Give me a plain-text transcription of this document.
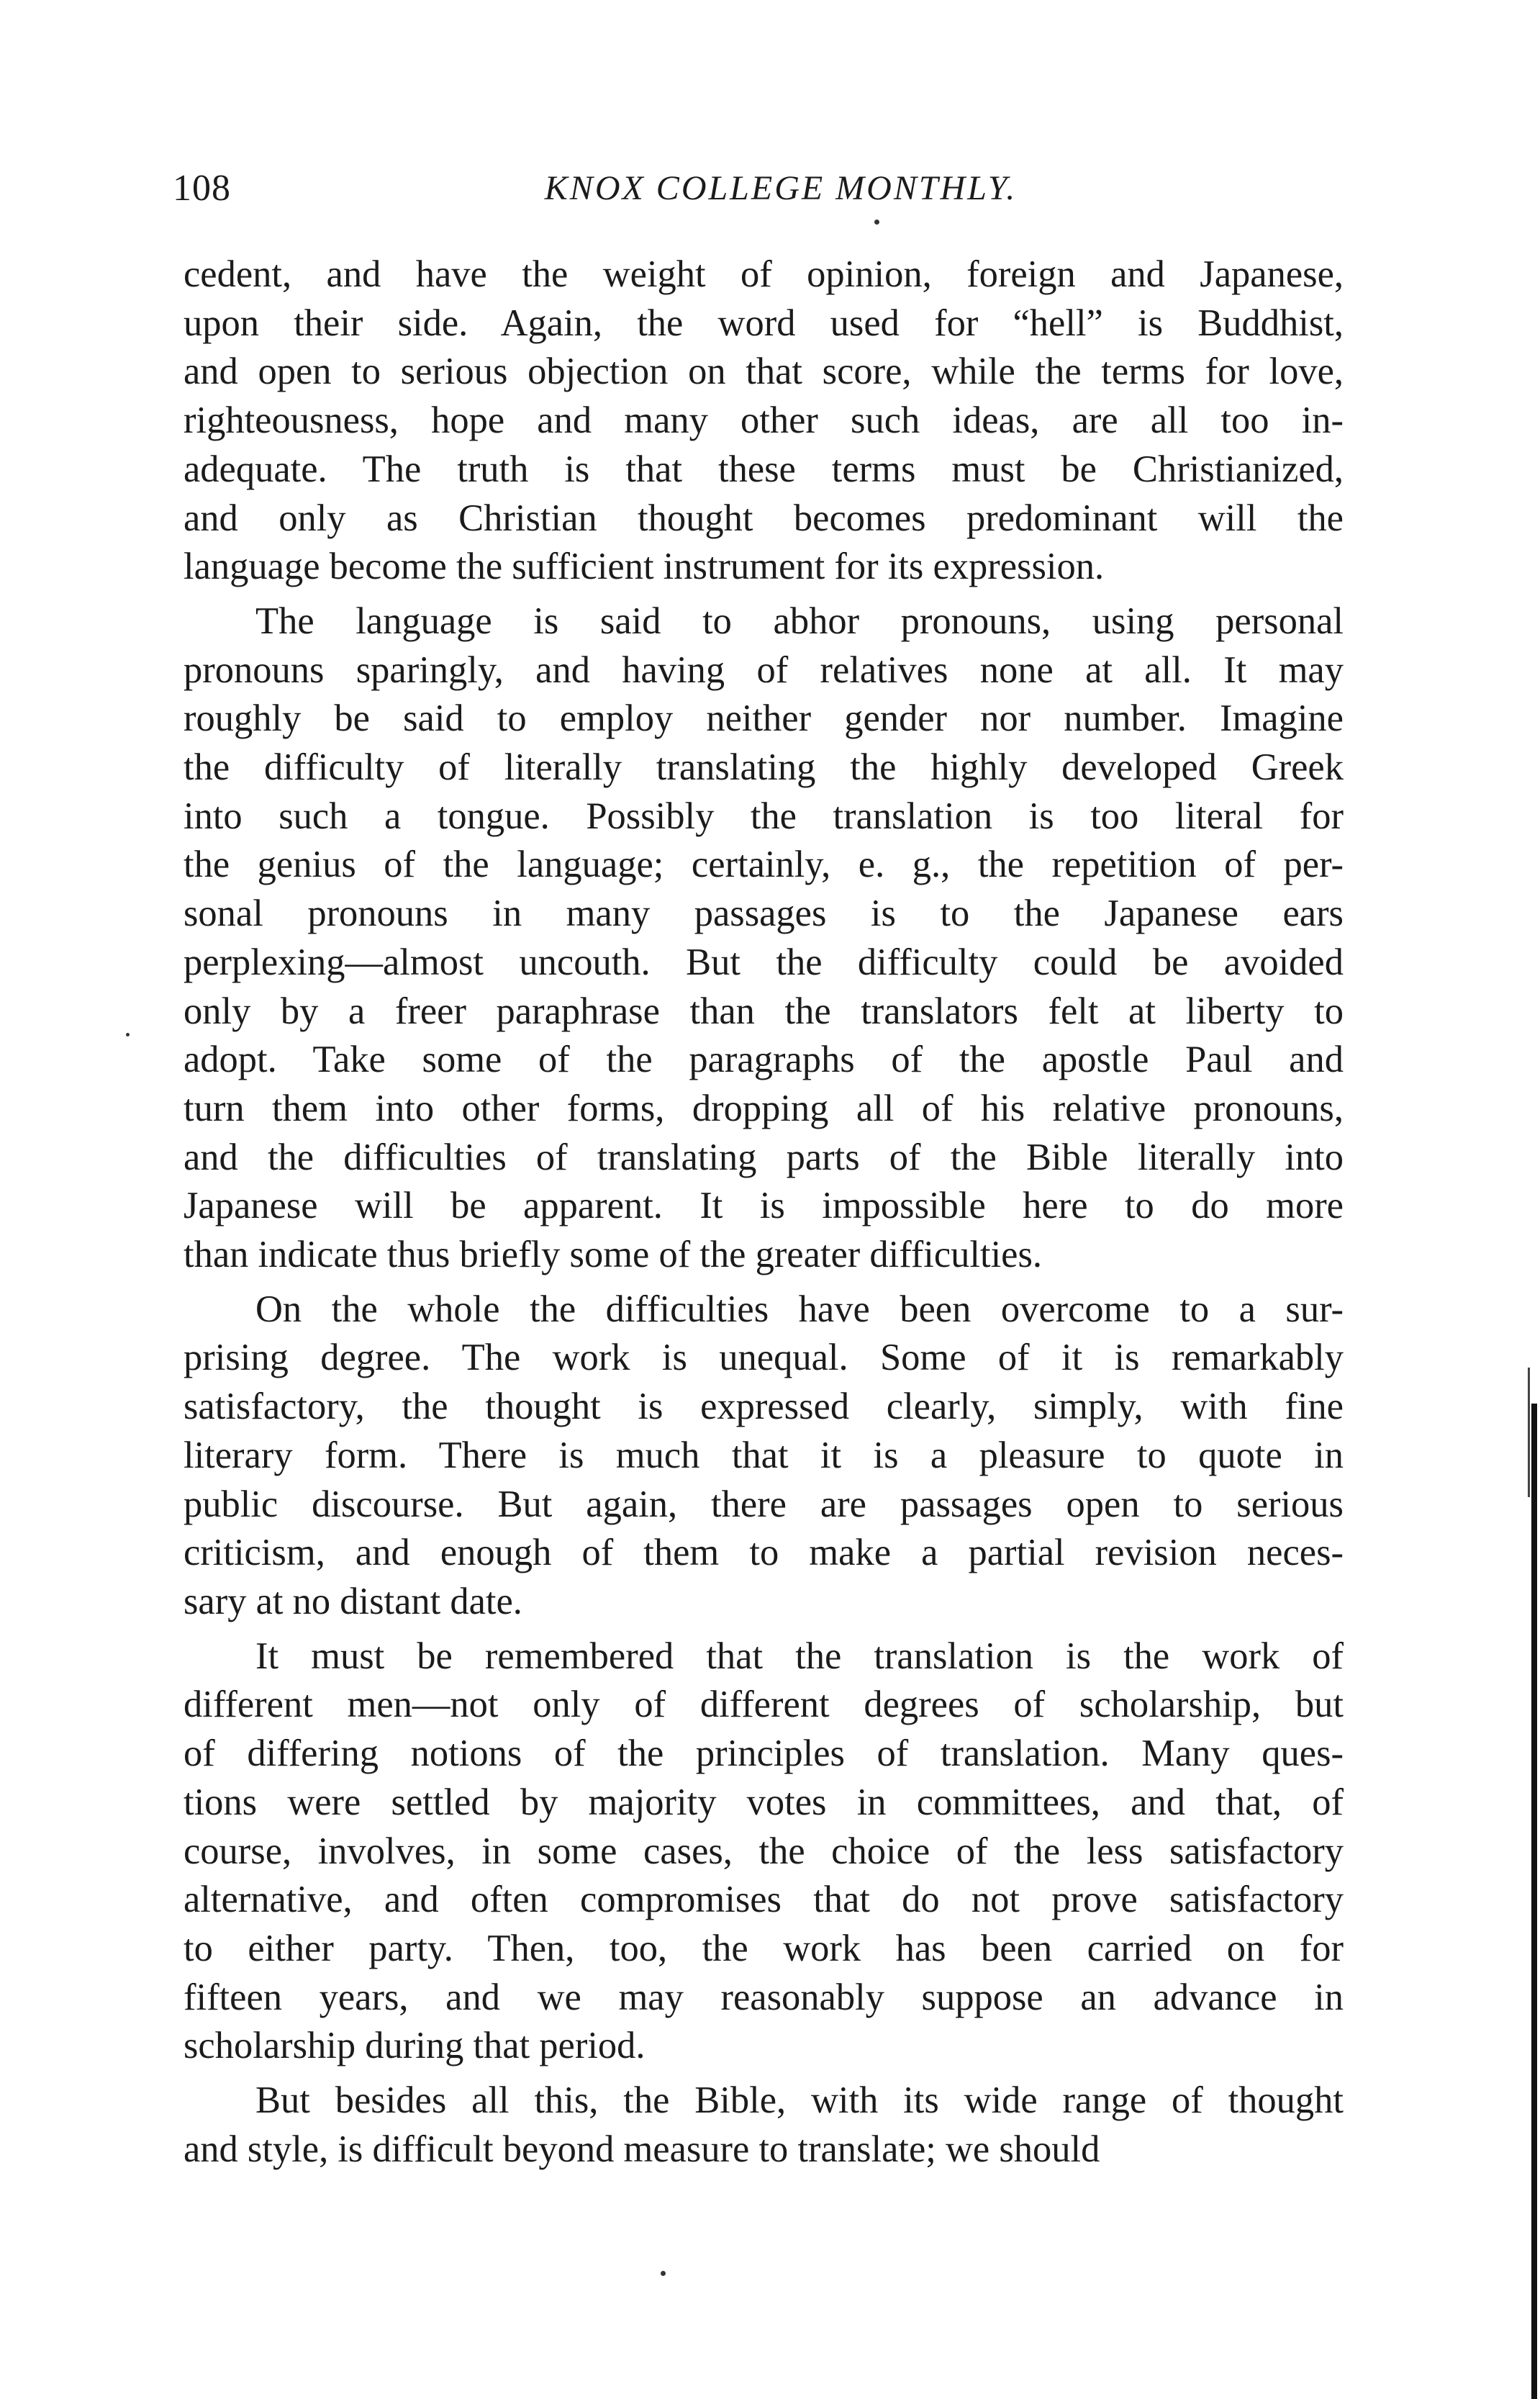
108	KNOX COLLEGE MONTHLY.
cedent, and have the weight of opinion, foreign and Japanese,
upon their side. Again, the word used for “hell” is Buddhist,
and open to serious objection on that score, while the terms for love,
righteousness, hope and many other such ideas, are all too in-
adequate. The truth is that these terms must be Christianized,
and only as Christian thought becomes predominant will the
language become the sufficient instrument for its expression.
The language is said to abhor pronouns, using personal
pronouns sparingly, and having of relatives none at all. It may
roughly be said to employ neither gender nor number. Imagine
the difficulty of literally translating the highly developed Greek
into such a tongue. Possibly the translation is too literal for
the genius of the language; certainly, e. g., the repetition of per-
sonal pronouns in many passages is to the Japanese ears
perplexing—almost uncouth. But the difficulty could be avoided
only by a freer paraphrase than the translators felt at liberty to
adopt. Take some of the paragraphs of the apostle Paul and
turn them into other forms, dropping all of his relative pronouns,
and the difficulties of translating parts of the Bible literally into
Japanese will be apparent. It is impossible here to do more
than indicate thus briefly some of the greater difficulties.
On the whole the difficulties have been overcome to a sur-
prising degree. The work is unequal. Some of it is remarkably
satisfactory, the thought is expressed clearly, simply, with fine
literary form. There is much that it is a pleasure to quote in
public discourse. But again, there are passages open to serious
criticism, and enough of them to make a partial revision neces-
sary at no distant date.
It must be remembered that the translation is the work of
different men—not only of different degrees of scholarship, but
of differing notions of the principles of translation. Many ques-
tions were settled by majority votes in committees, and that, of
course, involves, in some cases, the choice of the less satisfactory
alternative, and often compromises that do not prove satisfactory
to either party. Then, too, the work has been carried on for
fifteen years, and we may reasonably suppose an advance in
scholarship during that period.
But besides all this, the Bible, with its wide range of thought
and style, is difficult beyond measure to translate; we should
